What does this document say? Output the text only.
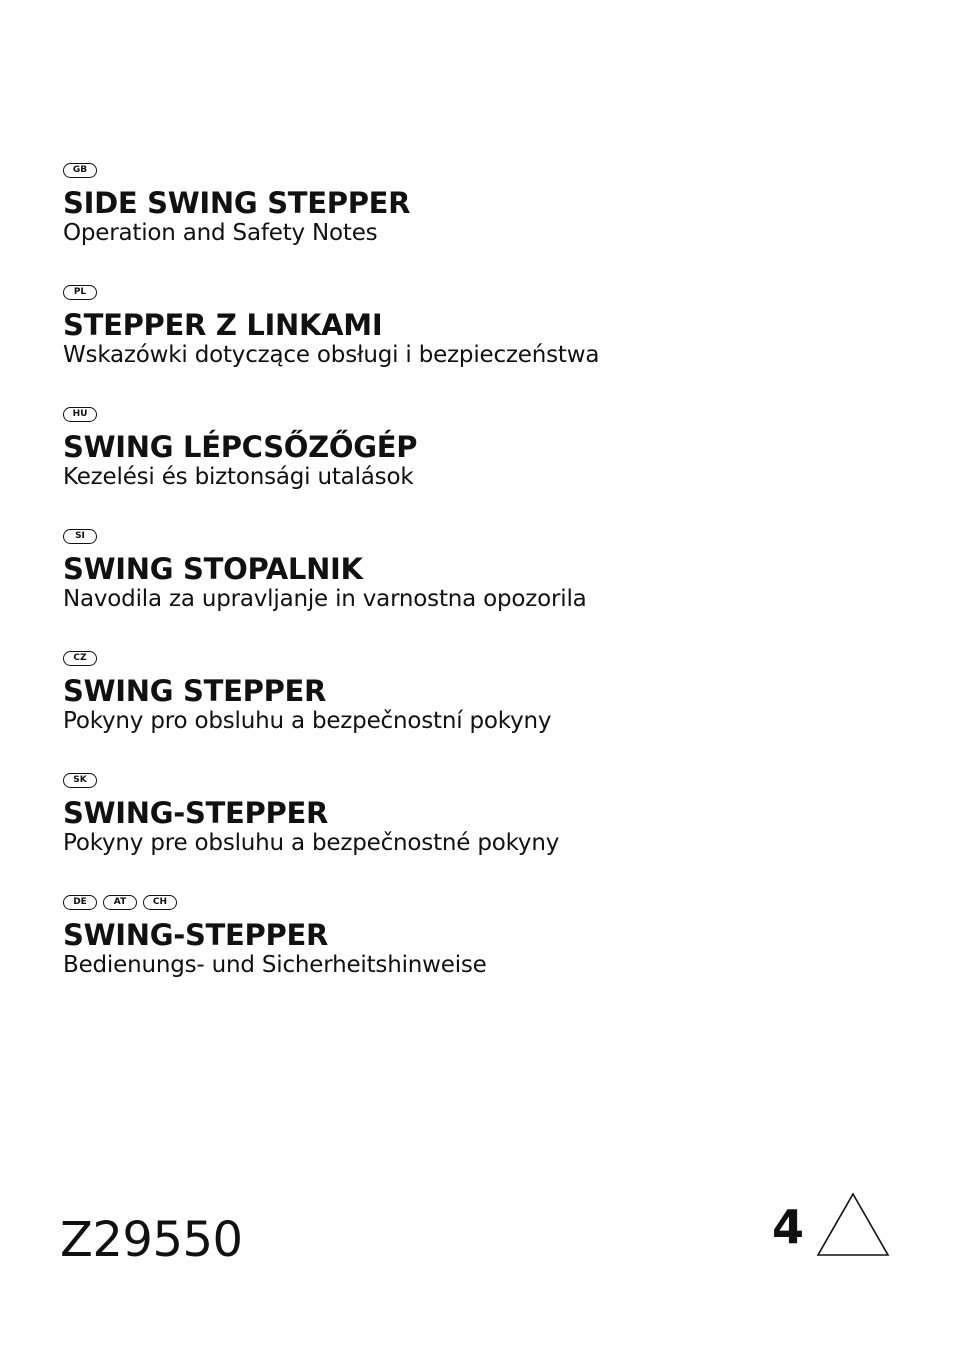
GB
SIDE SWING STEPPER
Operation and Safety Notes
PL
STEPPER Z LINKAMI
Wskazówki dotyczące obsługi i bezpieczeństwa
HU
SWING LÉPCSŐZŐGÉP
Kezelési és biztonsági utalások
SI
SWING STOPALNIK
Navodila za upravljanje in varnostna opozorila
CZ
SWING STEPPER
Pokyny pro obsluhu a bezpečnostní pokyny
SK
SWING-STEPPER
Pokyny pre obsluhu a bezpečnostné pokyny
DE	AT	CH
SWING-STEPPER
Bedienungs- und Sicherheitshinweise
Z29550	4
